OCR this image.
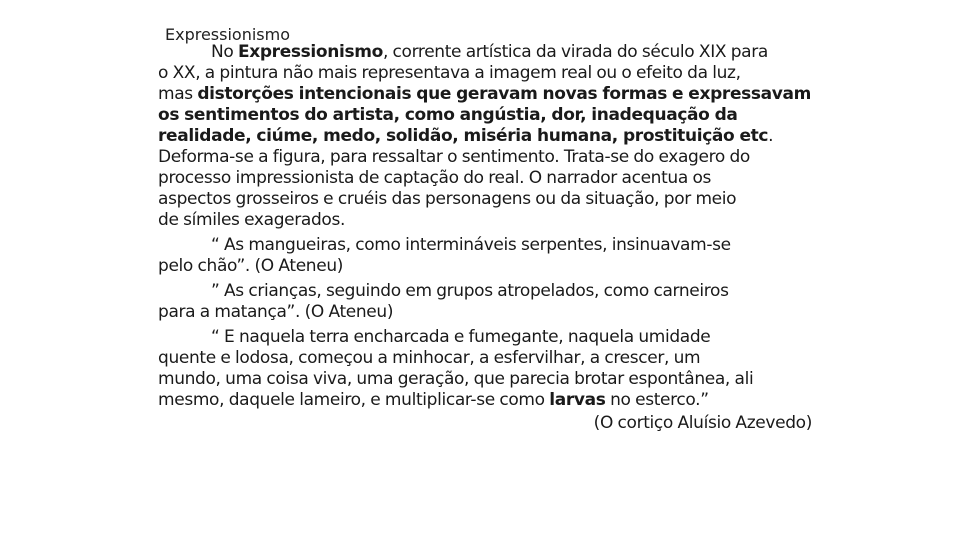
Expressionismo
No Expressionismo, corrente artística da virada do século XIX para
o XX, a pintura não mais representava a imagem real ou o efeito da luz,
mas distorções intencionais que geravam novas formas e expressavam
os sentimentos do artista, como angústia, dor, inadequação da
realidade, ciúme, medo, solidão, miséria humana, prostituição etc.
Deforma-se a figura, para ressaltar o sentimento. Trata-se do exagero do
processo impressionista de captação do real. O narrador acentua os
aspectos grosseiros e cruéis das personagens ou da situação, por meio
de símiles exagerados.
“ As mangueiras, como intermináveis serpentes, insinuavam-se
pelo chão”. (O Ateneu)
” As crianças, seguindo em grupos atropelados, como carneiros
para a matança”. (O Ateneu)
“ E naquela terra encharcada e fumegante, naquela umidade
quente e lodosa, começou a minhocar, a esfervilhar, a crescer, um
mundo, uma coisa viva, uma geração, que parecia brotar espontânea, ali
mesmo, daquele lameiro, e multiplicar-se como larvas no esterco.”
(O cortiço Aluísio Azevedo)
